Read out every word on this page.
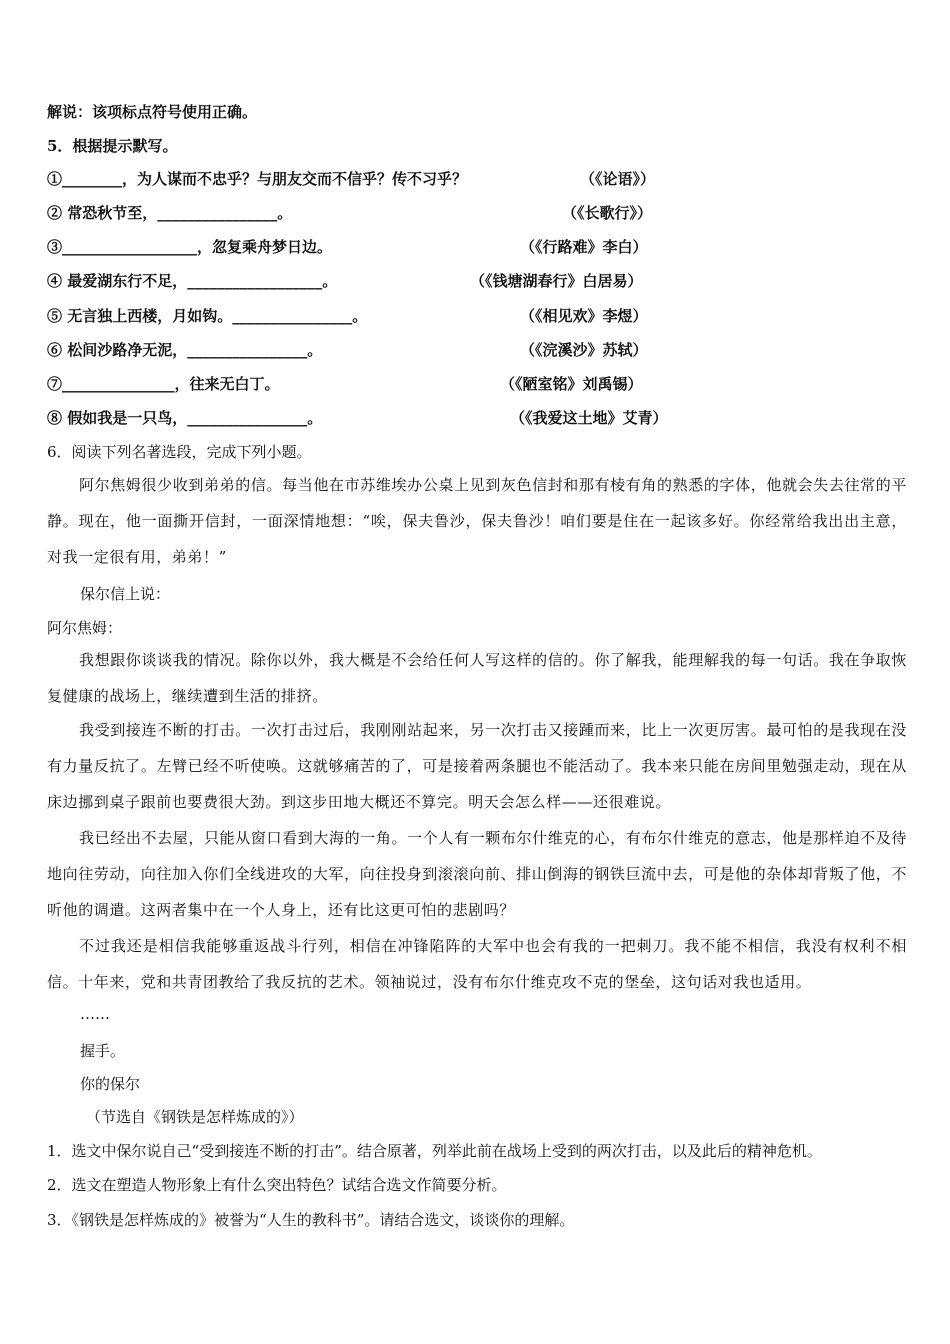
解说：该项标点符号使用正确。
5．根据提示默写。
①________，为人谋而不忠乎？与朋友交而不信乎？传不习乎？	（《论语》）
② 常恐秋节至，________________。	（《长歌行》）
③__________________，忽复乘舟梦日边。	（《行路难》李白）
④ 最爱湖东行不足，__________________。	（《钱塘湖春行》白居易）
⑤ 无言独上西楼，月如钩。________________。	（《相见欢》李煜）
⑥ 松间沙路净无泥，________________。	（《浣溪沙》苏轼）
⑦_______________，往来无白丁。	（《陋室铭》刘禹锡）
⑧ 假如我是一只鸟，________________。	（《我爱这土地》艾青）
6．阅读下列名著选段，完成下列小题。
阿尔焦姆很少收到弟弟的信。每当他在市苏维埃办公桌上见到灰色信封和那有棱有角的熟悉的字体，他就会失去往常的平静。现在，他一面撕开信封，一面深情地想：“唉，保夫鲁沙，保夫鲁沙！咱们要是住在一起该多好。你经常给我出出主意，对我一定很有用，弟弟！”
保尔信上说：
阿尔焦姆：
我想跟你谈谈我的情况。除你以外，我大概是不会给任何人写这样的信的。你了解我，能理解我的每一句话。我在争取恢复健康的战场上，继续遭到生活的排挤。
我受到接连不断的打击。一次打击过后，我刚刚站起来，另一次打击又接踵而来，比上一次更厉害。最可怕的是我现在没有力量反抗了。左臂已经不听使唤。这就够痛苦的了，可是接着两条腿也不能活动了。我本来只能在房间里勉强走动，现在从床边挪到桌子跟前也要费很大劲。到这步田地大概还不算完。明天会怎么样——还很难说。
我已经出不去屋，只能从窗口看到大海的一角。一个人有一颗布尔什维克的心，有布尔什维克的意志，他是那样迫不及待地向往劳动，向往加入你们全线进攻的大军，向往投身到滚滚向前、排山倒海的钢铁巨流中去，可是他的杂体却背叛了他，不听他的调遣。这两者集中在一个人身上，还有比这更可怕的悲剧吗？
不过我还是相信我能够重返战斗行列，相信在冲锋陷阵的大军中也会有我的一把刺刀。我不能不相信，我没有权利不相信。十年来，党和共青团教给了我反抗的艺术。领袖说过，没有布尔什维克攻不克的堡垒，这句话对我也适用。
……
握手。
你的保尔
（节选自《钢铁是怎样炼成的》）
1．选文中保尔说自己“受到接连不断的打击”。结合原著，列举此前在战场上受到的两次打击，以及此后的精神危机。
2．选文在塑造人物形象上有什么突出特色？试结合选文作简要分析。
3．《钢铁是怎样炼成的》被誉为“人生的教科书”。请结合选文，谈谈你的理解。
